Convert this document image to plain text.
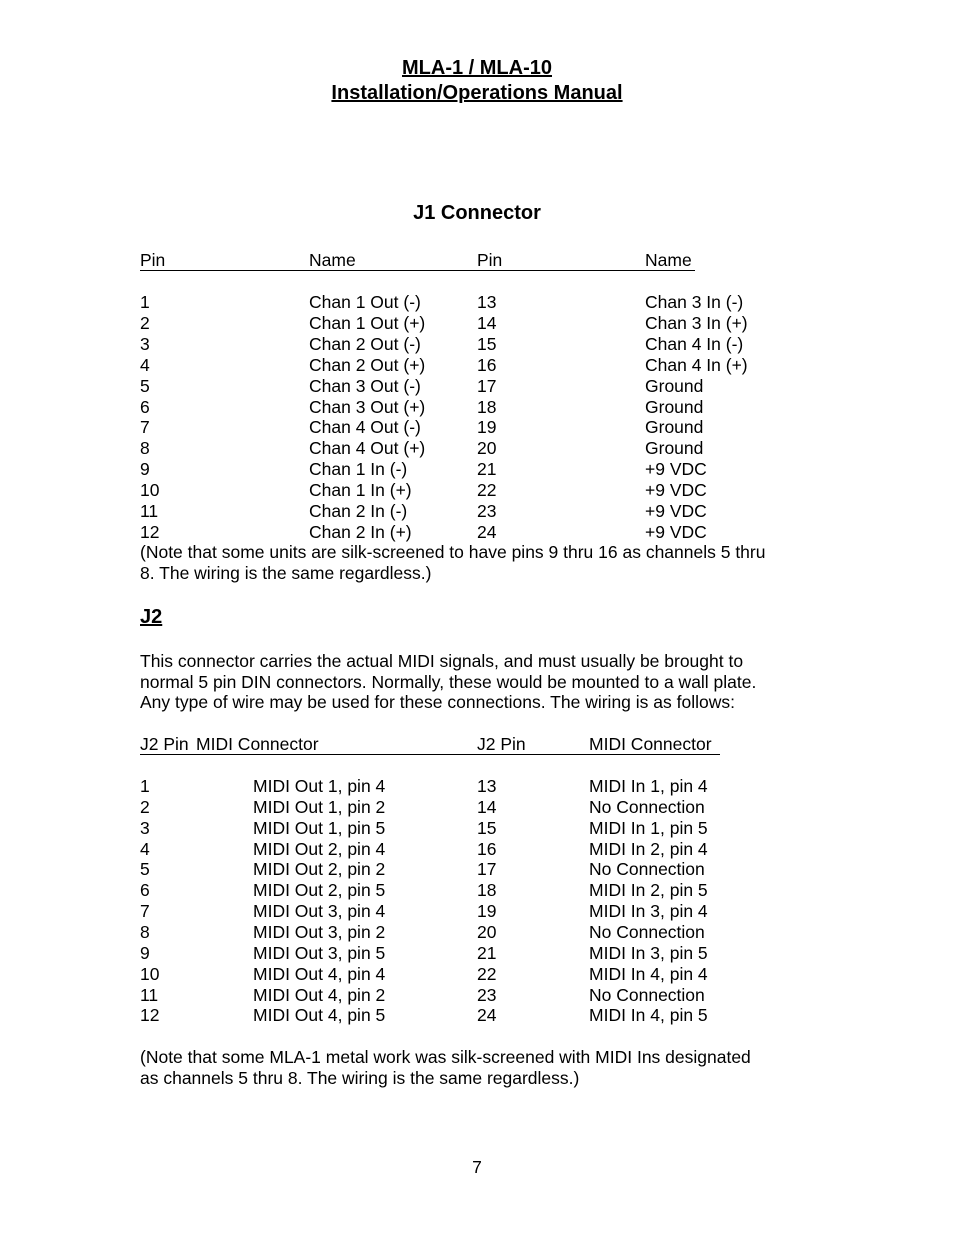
MLA-1 / MLA-10
Installation/Operations Manual
J1 Connector
Pin	Name	Pin	Name
1	Chan 1 Out (-)	13	Chan 3 In (-)
2	Chan 1 Out (+)	14	Chan 3 In (+)
3	Chan 2 Out (-)	15	Chan 4 In (-)
4	Chan 2 Out (+)	16	Chan 4 In (+)
5	Chan 3 Out (-)	17	Ground
6	Chan 3 Out (+)	18	Ground
7	Chan 4 Out (-)	19	Ground
8	Chan 4 Out (+)	20	Ground
9	Chan 1 In (-)	21	+9 VDC
10	Chan 1 In (+)	22	+9 VDC
11	Chan 2 In (-)	23	+9 VDC
12	Chan 2 In (+)	24	+9 VDC
(Note that some units are silk-screened to have pins 9 thru 16 as channels 5 thru
8. The wiring is the same regardless.)
J2
This connector carries the actual MIDI signals, and must usually be brought to
normal 5 pin DIN connectors. Normally, these would be mounted to a wall plate.
Any type of wire may be used for these connections. The wiring is as follows:
J2 Pin MIDI Connector	J2 Pin	MIDI Connector
1	MIDI Out 1, pin 4	13	MIDI In 1, pin 4
2	MIDI Out 1, pin 2	14	No Connection
3	MIDI Out 1, pin 5	15	MIDI In 1, pin 5
4	MIDI Out 2, pin 4	16	MIDI In 2, pin 4
5	MIDI Out 2, pin 2	17	No Connection
6	MIDI Out 2, pin 5	18	MIDI In 2, pin 5
7	MIDI Out 3, pin 4	19	MIDI In 3, pin 4
8	MIDI Out 3, pin 2	20	No Connection
9	MIDI Out 3, pin 5	21	MIDI In 3, pin 5
10	MIDI Out 4, pin 4	22	MIDI In 4, pin 4
11	MIDI Out 4, pin 2	23	No Connection
12	MIDI Out 4, pin 5	24	MIDI In 4, pin 5
(Note that some MLA-1 metal work was silk-screened with MIDI Ins designated
as channels 5 thru 8. The wiring is the same regardless.)
7
